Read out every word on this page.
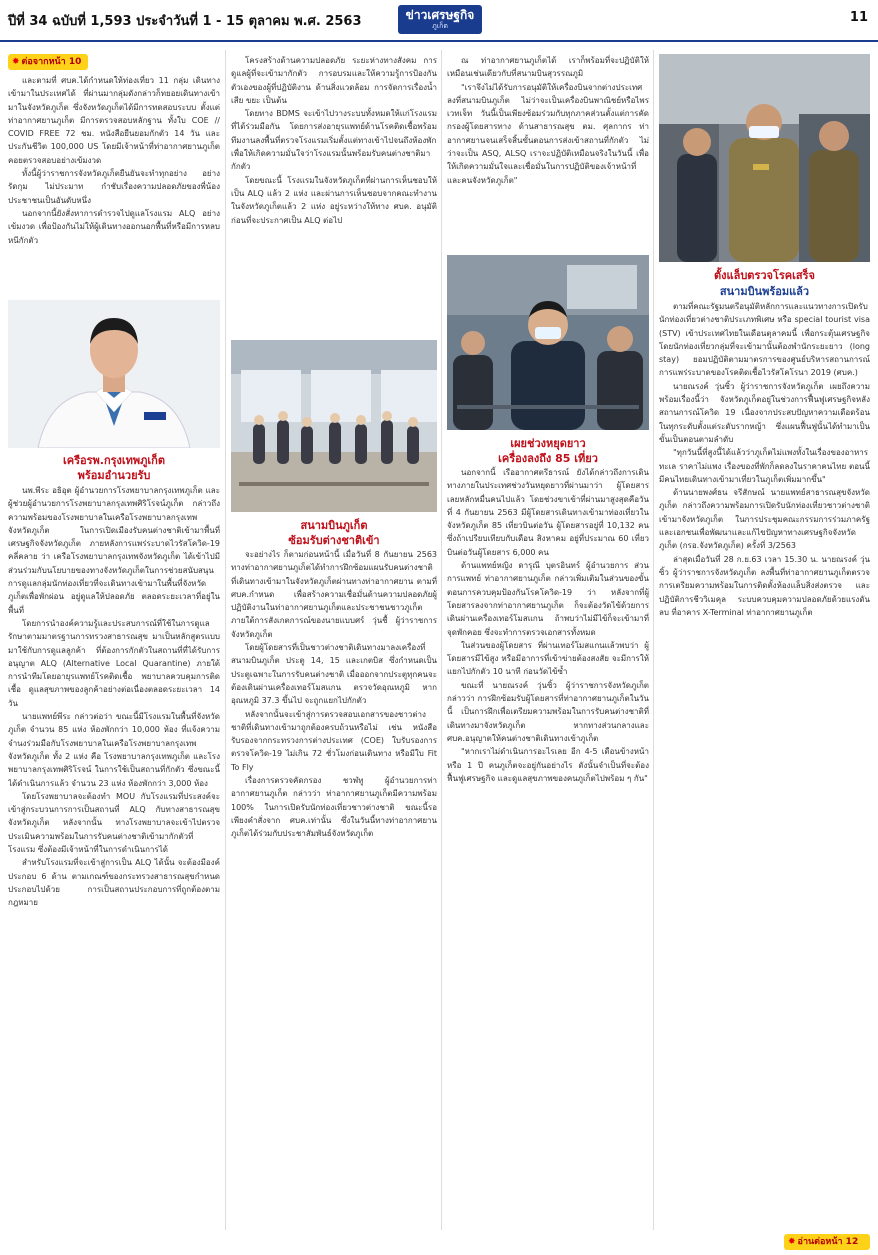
ปีที่ 34 ฉบับที่ 1,593 ประจำวันที่ 1 - 15 ตุลาคม พ.ศ. 2563	ข่าวเศรษฐกิจ
ภูเก็ต
11
✸ ต่อจากหน้า 10

และตามที่ ศบค.ได้กำหนดให้ท่องเที่ยว 11 กลุ่ม เดินทางเข้ามาในประเทศได้ ที่ผ่านมากลุ่มดังกล่าวก็ทยอยเดินทางเข้ามาในจังหวัดภูเก็ต ซึ่งจังหวัดภูเก็ตได้มีการทดสอบระบบ ตั้งแต่ท่าอากาศยานภูเก็ต มีการตรวจสอบหลักฐาน ทั้งใบ COE // COVID FREE 72 ชม. หนังสือยืนยอมกักตัว 14 วัน และประกันชีวิต 100,000 US โดยมีเจ้าหน้าที่ท่าอากาศยานภูเก็ตคอยตรวจสอบอย่างเข้มงวด

ทั้งนี้ผู้ว่าราชการจังหวัดภูเก็ตยืนยันจะทำทุกอย่าง อย่างรัดกุม ไม่ประมาท กำชับเรื่องความปลอดภัยของพี่น้องประชาชนเป็นอันดับหนึ่ง

นอกจากนี้ยังสั่งหาการดำรวจไปดูแลโรงแรม ALQ อย่างเข้มงวด เพื่อป้องกันไม่ให้ผู้เดินทางออกนอกพื้นที่หรือมีการหลบหนีกักตัว

เครือรพ.กรุงเทพภูเก็ต
พร้อมอำนวยรับ

นพ.พีระ อธิอุต ผู้อำนวยการโรงพยาบาลกรุงเทพภูเก็ต และผู้ช่วยผู้อำนวยการโรงพยาบาลกรุงเทพศิริโรจน์ภูเก็ต กล่าวถึงความพร้อมของโรงพยาบาลในเครือโรงพยาบาลกรุงเทพ จังหวัดภูเก็ต ในการเปิดเมืองรับคนต่างชาติเข้ามาพื้นที่เศรษฐกิจจังหวัดภูเก็ต ภายหลังการแพร่ระบาดไวรัสโควิด-19 คลี่คลาย ว่า เครือโรงพยาบาลกรุงเทพจังหวัดภูเก็ต ได้เข้าไปมีส่วนร่วมกับนโยบายของทางจังหวัดภูเก็ตในการช่วยสนับสนุนการดูแลกลุ่มนักท่องเที่ยวที่จะเดินทางเข้ามาในพื้นที่จังหวัดภูเก็ตเพื่อพักผ่อน อยู่ดูแลให้ปลอดภัย ตลอดระยะเวลาที่อยู่ในพื้นที่

โดยการนำองค์ความรู้และประสบการณ์ที่ใช้ในการดูแลรักษาตามมาตรฐานการทรวงสาธารณสุข มาเป็นหลักสูตรแบบมาใช้กับการดูแลลูกค้า ที่ต้องการกักตัวในสถานที่ที่ได้รับการอนุญาต ALQ (Alternative Local Quarantine) ภายใต้การนำทีมโดยอายุรแพทย์โรคติดเชื้อ พยาบาลควบคุมการติดเชื้อ ดูแลสุขภาพของลูกค้าอย่างต่อเนื่องตลอดระยะเวลา 14 วัน

นายแพทย์พีระ กล่าวต่อว่า ขณะนี้มีโรงแรมในพื้นที่จังหวัดภูเก็ต จำนวน 85 แห่ง ห้องพักกว่า 10,000 ห้อง ที่แจ้งความจำนงร่วมมือกับโรงพยาบาลในเครือโรงพยาบาลกรุงเทพ จังหวัดภูเก็ต ทั้ง 2 แห่ง คือ โรงพยาบาลกรุงเทพภูเก็ต และโรงพยาบาลกรุงเทพศิริโรจน์ ในการใช้เป็นสถานที่กักตัว ซึ่งขณะนี้ได้ดำเนินการแล้ว จำนวน 23 แห่ง ห้องพักกว่า 3,000 ห้อง

โดยโรงพยาบาลจะต้องทำ MOU กับโรงแรมที่ประสงค์จะเข้าสู่กระบวนการการเป็นสถานที่ ALQ กับทางสาธารณสุขจังหวัดภูเก็ต หลังจากนั้น ทางโรงพยาบาลจะเข้าไปตรวจประเมินความพร้อมในการรับคนต่างชาติเข้ามากักตัวที่โรงแรม ซึ่งต้องมีเจ้าหน้าที่ในการดำเนินการได้

สำหรับโรงแรมที่จะเข้าสู่การเป็น ALQ ได้นั้น จะต้องมีองค์ประกอบ 6 ด้าน ตามเกณฑ์ของกระทรวงสาธารณสุขกำหนด ประกอบไปด้วย การเป็นสถานประกอบการที่ถูกต้องตามกฎหมาย

โครงสร้างด้านความปลอดภัย ระยะห่างทางสังคม การดูแลผู้ที่จะเข้ามากักตัว การอบรมและให้ความรู้การป้องกันตัวเองของผู้ที่ปฏิบัติงาน ด้านสิ่งแวดล้อม การจัดการเรื่องน้ำเสีย ขยะ เป็นต้น

โดยทาง BDMS จะเข้าไปวางระบบทั้งหมดให้แก่โรงแรมที่ได้ร่วมมือกัน โดยการส่งอายุรแพทย์ด้านโรคติดเชื้อพร้อมทีมงานลงพื้นที่ตรวจโรงแรมเริ่มตั้งแต่ทางเข้าไปจนถึงห้องพัก เพื่อให้เกิดความมั่นใจว่าโรงแรมนั้นพร้อมรับคนต่างชาติมากักตัว

โดยขณะนี้ โรงแรมในจังหวัดภูเก็ตที่ผ่านการเห็นชอบให้เป็น ALQ แล้ว 2 แห่ง และผ่านการเห็นชอบจากคณะทำงานในจังหวัดภูเก็ตแล้ว 2 แห่ง อยู่ระหว่างให้ทาง ศบค. อนุมัติก่อนที่จะประกาศเป็น ALQ ต่อไป

สนามบินภูเก็ต
ซ้อมรับต่างชาติเข้า

จะอย่างไร ก็ตามก่อนหน้านี้ เมื่อวันที่ 8 กันยายน 2563 ทางท่าอากาศยานภูเก็ตได้ทำการฝึกซ้อมแผนรับคนต่างชาติที่เดินทางเข้ามาในจังหวัดภูเก็ตผ่านทางท่าอากาศยาน ตามที่ ศบค.กำหนด เพื่อสร้างความเชื่อมั่นด้านความปลอดภัยผู้ปฏิบัติงานในท่าอากาศยานภูเก็ตและประชาชนชาวภูเก็ต ภายใต้การสังเกตการณ์ของนายแบบศร์ วุ่นชื้ ผู้ว่าราชการจังหวัดภูเก็ต

โดยผู้โดยสารที่เป็นชาวต่างชาติเดินทางมาลงเครื่องที่สนามบินภูเก็ต ประตู 14, 15 และเกตบิส ซึ่งกำหนดเป็นประตูเฉพาะในการรับคนต่างชาติ เมื่อออกจากประตูทุกคนจะต้องเดินผ่านเครื่องเทอร์โมสแกน ตรวจวัดอุณหภูมิ หากอุณหภูมิ 37.3 ขึ้นไป จะถูกแยกไปกักตัว

หลังจากนั้นจะเข้าสู่การตรวจสอบเอกสารของชาวต่างชาติที่เดินทางเข้ามาถูกต้องครบถ้วนหรือไม่ เช่น หนังสือรับรองจากกระทรวงการต่างประเทศ (COE) ใบรับรองการตรวจโควิด-19 ไม่เกิน 72 ชั่วโมงก่อนเดินทาง หรือมีใบ Fit To Fly

เรื่องการตรวจคัดกรอง ชวฬทู ผู้อำนวยการท่าอากาศยานภูเก็ต กล่าวว่า ท่าอากาศยานภูเก็ตมีความพร้อม 100% ในการเปิดรับนักท่องเที่ยวชาวต่างชาติ ขณะนี้รอเพียงคำสั่งจาก ศบค.เท่านั้น ซึ่งในวันนี้ทางท่าอากาศยานภูเก็ตได้ร่วมกับประชาสัมพันธ์จังหวัดภูเก็ต

ณ ท่าอากาศยานภูเก็ตได้ เราก็พร้อมที่จะปฏิบัติให้เหมือนเช่นเดียวกับที่สนามบินสุวรรณภูมิ

"เราจึงไม่ได้รับการอนุมัติให้เครื่องบินจากต่างประเทศลงที่สนามบินภูเก็ต ไม่ว่าจะเป็นเครื่องบินพาณิชย์หรือไพรเวทเจ็ท วันนี้เป็นเพียงซ้อมร่วมกับทุกภาคส่วนตั้งแต่การคัดกรองผู้โดยสารทาง ด้านสาธารณสุข ตม. ศุลกากร ท่าอากาศยานจนเสร็จสิ้นขั้นตอนการส่งเข้าสถานที่กักตัว ไม่ว่าจะเป็น ASQ, ALSQ เราจะปฏิบัติเหมือนจริงในวันนี้ เพื่อให้เกิดความมั่นใจและเชื่อมั่นในการปฏิบัติของเจ้าหน้าที่และคนจังหวัดภูเก็ต"

เผยช่วงหยุดยาว
เครื่องลงถึง 85 เที่ยว

นอกจากนี้ เรืออากาศตรีธารณ์ ยังได้กล่าวถึงการเดินทางภายในประเทศช่วงวันหยุดยาวที่ผ่านมาว่า ผู้โดยสารเลยหลักหมื่นคนไปแล้ว โดยช่วงขาเข้าที่ผ่านมาสูงสุดคือวันที่ 4 กันยายน 2563 มีผู้โดยสารเดินทางเข้ามาท่องเที่ยวในจังหวัดภูเก็ต 85 เที่ยวบินต่อวัน ผู้โดยสารอยู่ที่ 10,132 คน ซึ่งถ้าเปรียบเทียบกับเดือน สิงหาคม อยู่ที่ประมาณ 60 เที่ยวบินต่อวันผู้โดยสาร 6,000 คน

ด้านแพทย์หญิง ดารุณี บุตรอินทร์ ผู้อำนวยการ ส่วนการแพทย์ ท่าอากาศยานภูเก็ต กล่าวเพิ่มเติมในส่วนของขั้นตอนการควบคุมป้องกันโรคโควิด-19 ว่า หลังจากที่ผู้โดยสารลงจากท่าอากาศยานภูเก็ต ก็จะต้องวัดไข้ด้วยการเดินผ่านเครื่องเทอร์โมสแกน ถ้าพบว่าไม่มีไข้ก็จะเข้ามาที่จุดพักคอย ซึ่งจะทำการตรวจเอกสารทั้งหมด

ในส่วนของผู้โดยสาร ที่ผ่านเทอร์โมสแกนแล้วพบว่า ผู้โดยสารมีไข้สูง หรือมีอาการที่เข้าข่ายต้องสงสัย จะมีการให้แยกไปกักตัว 10 นาที ก่อนวัดไข้ซ้ำ

ขณะที่ นายณรงค์ วุ่นซิ้ว ผู้ว่าราชการจังหวัดภูเก็ต กล่าวว่า การฝึกซ้อมรับผู้โดยสารที่ท่าอากาศยานภูเก็ตในวันนี้ เป็นการฝึกเพื่อเตรียมความพร้อมในการรับคนต่างชาติที่เดินทางมาจังหวัดภูเก็ต หากทางส่วนกลางและ ศบค.อนุญาตให้คนต่างชาติเดินทางเข้าภูเก็ต

"หากเราไม่ดำเนินการอะไรเลย อีก 4-5 เดือนข้างหน้า หรือ 1 ปี คนภูเก็ตจะอยู่กันอย่างไร ดังนั้นจำเป็นที่จะต้องฟื้นฟูเศรษฐกิจ และดูแลสุขภาพของคนภูเก็ตไปพร้อม ๆ กัน"

ตั้งแล็บตรวจโรคเสร็จ
สนามบินพร้อมแล้ว

ตามที่คณะรัฐมนตรีอนุมัติหลักการและแนวทางการเปิดรับนักท่องเที่ยวต่างชาติประเภทพิเศษ หรือ special tourist visa (STV) เข้าประเทศไทยในเดือนตุลาคมนี้ เพื่อกระตุ้นเศรษฐกิจ โดยนักท่องเที่ยวกลุ่มที่จะเข้ามานั้นต้องพำนักระยะยาว (long stay) ยอมปฏิบัติตามมาตรการของศูนย์บริหารสถานการณ์การแพร่ระบาดของโรคติดเชื้อไวรัสโคโรนา 2019 (ศบค.)

นายณรงค์ วุ่นซิ้ว ผู้ว่าราชการจังหวัดภูเก็ต เผยถึงความพร้อมเรื่องนี้ว่า จังหวัดภูเก็ตอยู่ในช่วงการฟื้นฟูเศรษฐกิจหลังสถานการณ์โควิด 19 เนื่องจากประสบปัญหาความเดือดร้อนในทุกระดับตั้งแต่ระดับรากหญ้า ซึ่งแผนฟื้นฟูนั้นได้ทำมาเป็นขั้นเป็นตอนตามลำดับ

"ทุกวันนี้ที่สูงนี้ได้แล้วว่าภูเก็ตไม่แพงทั้งในเรื่องของอาหารทะเล ราคาไม่แพง เรื่องของที่พักก็ลดลงในราคาคนไทย ตอนนี้มีคนไทยเดินทางเข้ามาเที่ยวในภูเก็ตเพิ่มมากขึ้น"

ด้านนายพงศ์ธน จรีสักษณ์ นายแพทย์สาธารณสุขจังหวัดภูเก็ต กล่าวถึงความพร้อมการเปิดรับนักท่องเที่ยวชาวต่างชาติ เข้ามาจังหวัดภูเก็ต ในการประชุมคณะกรรมการร่วมภาครัฐและเอกชนเพื่อพัฒนาและแก้ไขปัญหาทางเศรษฐกิจจังหวัดภูเก็ต (กรอ.จังหวัดภูเก็ต) ครั้งที่ 3/2563

ล่าสุดเมื่อวันที่ 28 ก.ย.63 เวลา 15.30 น. นายณรงค์ วุ่นซิ้ว ผู้ว่าราชการจังหวัดภูเก็ต ลงพื้นที่ท่าอากาศยานภูเก็ตตรวจการเตรียมความพร้อมในการติดตั้งห้องแล็บสิ่งส่งตรวจ และปฏิบัติการชีววิเมคุล ระบบควบคุมความปลอดภัยด้วยแรงดันลบ ที่อาคาร X-Terminal ท่าอากาศยานภูเก็ต

✸ อ่านต่อหน้า 12
